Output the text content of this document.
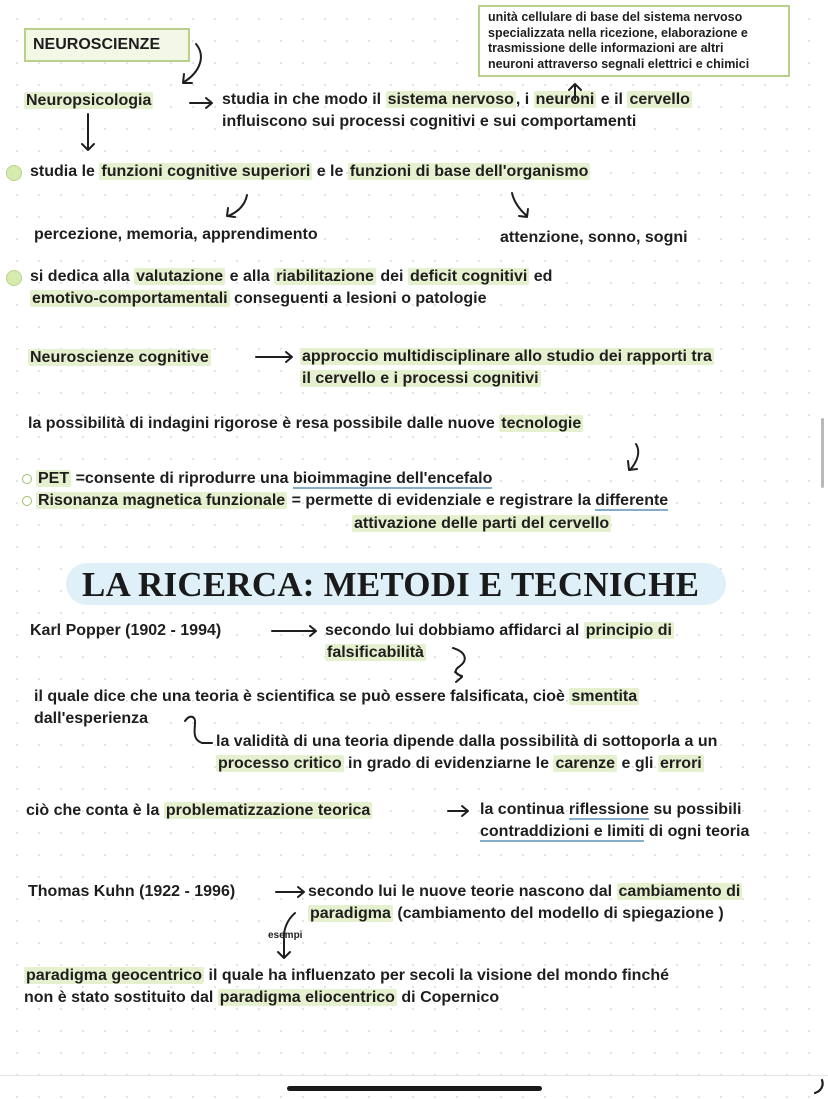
NEUROSCIENZE
unità cellulare di base del sistema nervoso
specializzata nella ricezione, elaborazione e
trasmissione delle informazioni are altri
neuroni attraverso segnali elettrici e chimici
Neuropsicologia	studia in che modo il sistema nervoso , i neuroni e il cervello
influiscono sui processi cognitivi e sui comportamenti
studia le funzioni cognitive superiori e le funzioni di base dell'organismo
percezione, memoria, apprendimento	attenzione, sonno, sogni
si dedica alla valutazione e alla riabilitazione dei deficit cognitivi ed
emotivo-comportamentali conseguenti a lesioni o patologie
Neuroscienze cognitive	approccio multidisciplinare allo studio dei rapporti tra
il cervello e i processi cognitivi
la possibilità di indagini rigorose è resa possibile dalle nuove tecnologie
PET =consente di riprodurre una bioimmagine dell'encefalo
Risonanza magnetica funzionale = permette di evidenziale e registrare la differente
attivazione delle parti del cervello
LA RICERCA: METODI E TECNICHE
Karl Popper (1902 - 1994)	secondo lui dobbiamo affidarci al principio di
falsificabilità
il quale dice che una teoria è scientifica se può essere falsificata, cioè smentita
dall'esperienza
la validità di una teoria dipende dalla possibilità di sottoporla a un
processo critico in grado di evidenziarne le carenze e gli errori
ciò che conta è la problematizzazione teorica	la continua riflessione su possibili
contraddizioni e limiti di ogni teoria
Thomas Kuhn (1922 - 1996)	secondo lui le nuove teorie nascono dal cambiamento di
paradigma (cambiamento del modello di spiegazione )
esempi
paradigma geocentrico il quale ha influenzato per secoli la visione del mondo finché
non è stato sostituito dal paradigma eliocentrico di Copernico
